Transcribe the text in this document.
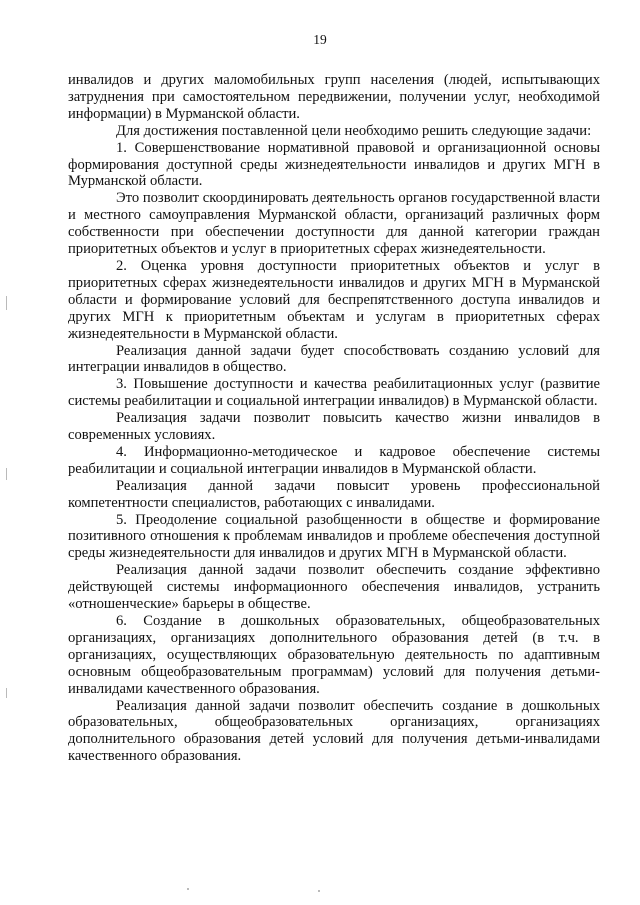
19

инвалидов и других маломобильных групп населения (людей, испытывающих затруднения при самостоятельном передвижении, получении услуг, необходимой информации) в Мурманской области.

Для достижения поставленной цели необходимо решить следующие задачи:

1. Совершенствование нормативной правовой и организационной основы формирования доступной среды жизнедеятельности инвалидов и других МГН в Мурманской области.

Это позволит скоординировать деятельность органов государственной власти и местного самоуправления Мурманской области, организаций различных форм собственности при обеспечении доступности для данной категории граждан приоритетных объектов и услуг в приоритетных сферах жизнедеятельности.

2. Оценка уровня доступности приоритетных объектов и услуг в приоритетных сферах жизнедеятельности инвалидов и других МГН в Мурманской области и формирование условий для беспрепятственного доступа инвалидов и других МГН к приоритетным объектам и услугам в приоритетных сферах жизнедеятельности в Мурманской области.

Реализация данной задачи будет способствовать созданию условий для интеграции инвалидов в общество.

3. Повышение доступности и качества реабилитационных услуг (развитие системы реабилитации и социальной интеграции инвалидов) в Мурманской области.

Реализация задачи позволит повысить качество жизни инвалидов в современных условиях.

4. Информационно-методическое и кадровое обеспечение системы реабилитации и социальной интеграции инвалидов в Мурманской области.

Реализация данной задачи повысит уровень профессиональной компетентности специалистов, работающих с инвалидами.

5. Преодоление социальной разобщенности в обществе и формирование позитивного отношения к проблемам инвалидов и проблеме обеспечения доступной среды жизнедеятельности для инвалидов и других МГН в Мурманской области.

Реализация данной задачи позволит обеспечить создание эффективно действующей системы информационного обеспечения инвалидов, устранить «отношенческие» барьеры в обществе.

6. Создание в дошкольных образовательных, общеобразовательных организациях, организациях дополнительного образования детей (в т.ч. в организациях, осуществляющих образовательную деятельность по адаптивным основным общеобразовательным программам) условий для получения детьми-инвалидами качественного образования.

Реализация данной задачи позволит обеспечить создание в дошкольных образовательных, общеобразовательных организациях, организациях дополнительного образования детей условий для получения детьми-инвалидами качественного образования.
